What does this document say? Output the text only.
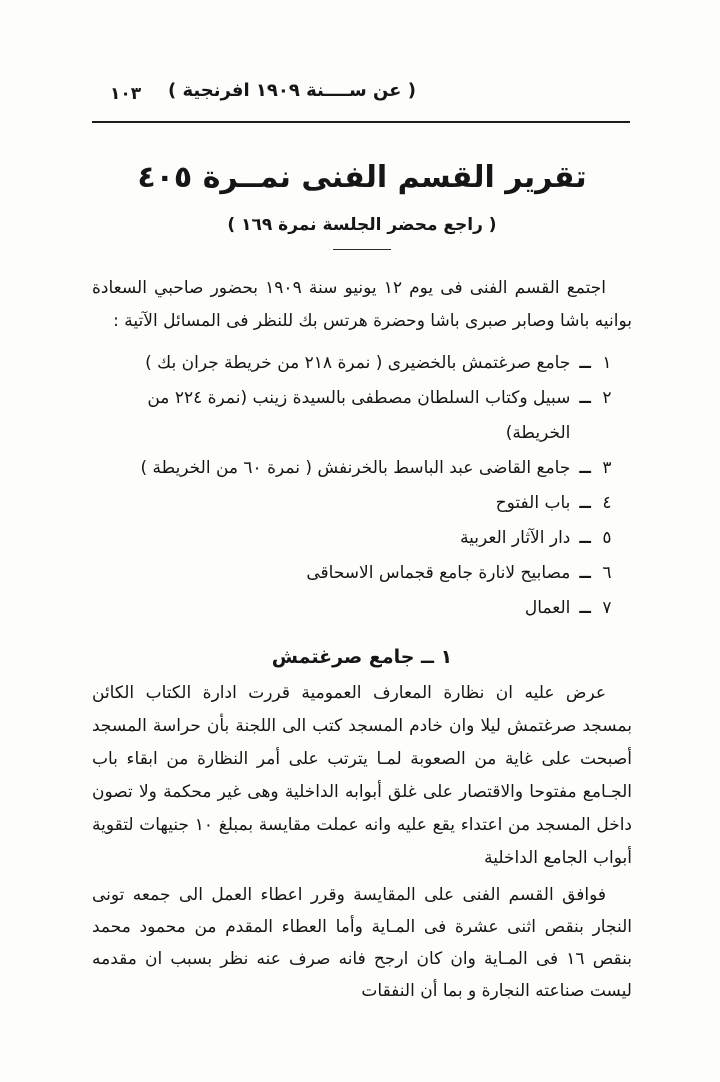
( عن ســــنة ١٩٠٩ افرنجية )
١٠٣
تقرير القسم الفنى نمــرة ٤٠٥
( راجع محضر الجلسة نمرة ١٦٩ )

اجتمع القسم الفنى فى يوم ١٢ يونيو سنة ١٩٠٩ بحضور صاحبي السعادة بوانيه باشا وصابر صبرى باشا وحضرة هرتس بك للنظر فى المسائل الآتية :

١
ــ
جامع صرغتمش بالخضيرى ( نمرة ٢١٨ من خريطة جران بك )
٢
ــ
سبيل وكتاب السلطان مصطفى بالسيدة زينب (نمرة ٢٢٤ من الخريطة)
٣
ــ
جامع القاضى عبد الباسط بالخرنفش ( نمرة ٦٠ من الخريطة )
٤
ــ
باب الفتوح
٥
ــ
دار الآثار العربية
٦
ــ
مصابيح لانارة جامع قجماس الاسحاقى
٧
ــ
العمال
١ ــ جامع صرغتمش

عرض عليه ان نظارة المعارف العمومية قررت ادارة الكتاب الكائن بمسجد صرغتمش ليلا وان خادم المسجد كتب الى اللجنة بأن حراسة المسجد أصبحت على غاية من الصعوبة لمـا يترتب على أمر النظارة من ابقاء باب الجـامع مفتوحا والاقتصار على غلق أبوابه الداخلية وهى غير محكمة ولا تصون داخل المسجد من اعتداء يقع عليه وانه عملت مقايسة بمبلغ ١٠ جنيهات لتقوية أبواب الجامع الداخلية

فوافق القسم الفنى على المقايسة وقرر اعطاء العمل الى جمعه تونى النجار بنقص اثنى عشرة فى المـاية وأما العطاء المقدم من محمود محمد بنقص ١٦ فى المـاية وان كان ارجح فانه صرف عنه نظر بسبب ان مقدمه ليست صناعته النجارة و بما أن النفقات
